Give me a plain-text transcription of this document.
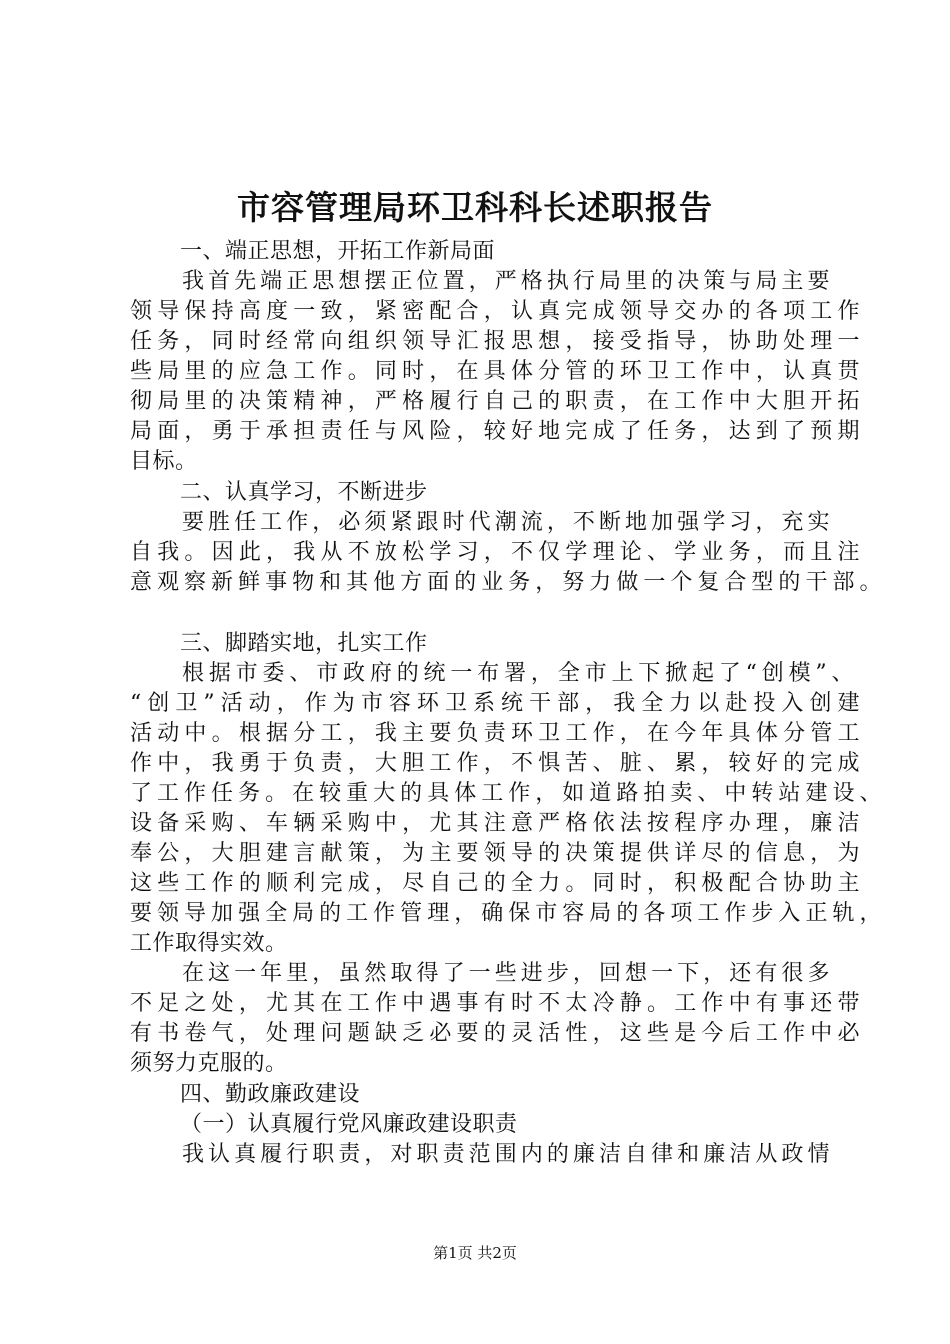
市容管理局环卫科科长述职报告
一、端正思想，开拓工作新局面
我首先端正思想摆正位置，严格执行局里的决策与局主要
领导保持高度一致，紧密配合，认真完成领导交办的各项工作
任务，同时经常向组织领导汇报思想，接受指导，协助处理一
些局里的应急工作。同时，在具体分管的环卫工作中，认真贯
彻局里的决策精神，严格履行自己的职责，在工作中大胆开拓
局面，勇于承担责任与风险，较好地完成了任务，达到了预期
目标。
二、认真学习，不断进步
要胜任工作，必须紧跟时代潮流，不断地加强学习，充实
自我。因此，我从不放松学习，不仅学理论、学业务，而且注
意观察新鲜事物和其他方面的业务，努力做一个复合型的干部。
三、脚踏实地，扎实工作
根据市委、市政府的统一布署，全市上下掀起了“创模”、
“创卫”活动，作为市容环卫系统干部，我全力以赴投入创建
活动中。根据分工，我主要负责环卫工作，在今年具体分管工
作中，我勇于负责，大胆工作，不惧苦、脏、累，较好的完成
了工作任务。在较重大的具体工作，如道路拍卖、中转站建设、
设备采购、车辆采购中，尤其注意严格依法按程序办理，廉洁
奉公，大胆建言献策，为主要领导的决策提供详尽的信息，为
这些工作的顺利完成，尽自己的全力。同时，积极配合协助主
要领导加强全局的工作管理，确保市容局的各项工作步入正轨，
工作取得实效。
在这一年里，虽然取得了一些进步，回想一下，还有很多
不足之处，尤其在工作中遇事有时不太冷静。工作中有事还带
有书卷气，处理问题缺乏必要的灵活性，这些是今后工作中必
须努力克服的。
四、勤政廉政建设
（一）认真履行党风廉政建设职责
我认真履行职责，对职责范围内的廉洁自律和廉洁从政情
第1页 共2页
